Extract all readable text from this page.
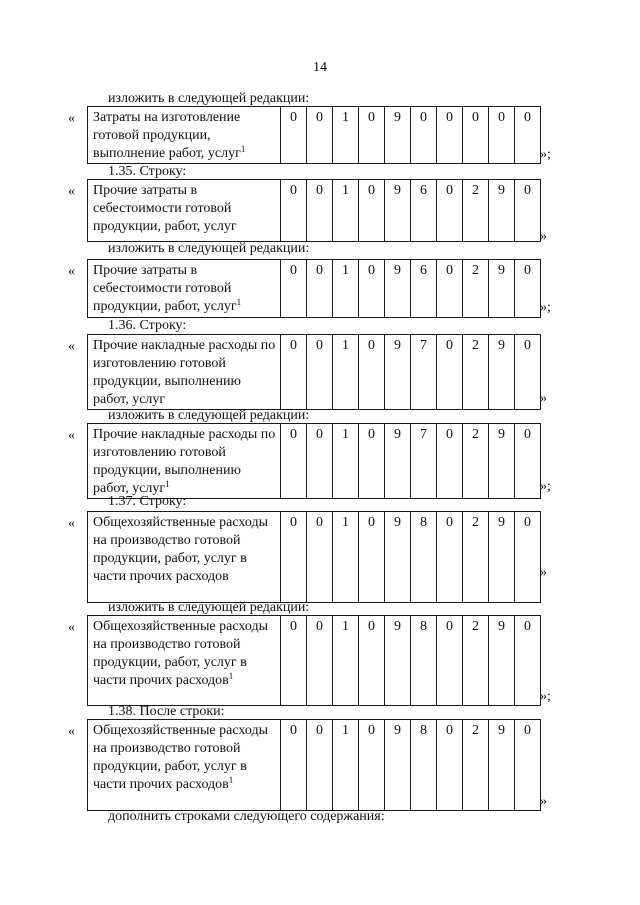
14
изложить в следующей редакции:
« Затраты на изготовление готовой продукции, выполнение работ, услуг$^1$	0	0	1	0	9	0	0	0	0	0
»;
1.35. Строку:
« Прочие затраты в себестоимости готовой продукции, работ, услуг	0	0	1	0	9	6	0	2	9	0
»
изложить в следующей редакции:
« Прочие затраты в себестоимости готовой продукции, работ, услуг$^1$	0	0	1	0	9	6	0	2	9	0
»;
1.36. Строку:
« Прочие накладные расходы по изготовлению готовой продукции, выполнению работ, услуг	0	0	1	0	9	7	0	2	9	0
»
изложить в следующей редакции:
« Прочие накладные расходы по изготовлению готовой продукции, выполнению работ, услуг$^1$	0	0	1	0	9	7	0	2	9	0
»;
1.37. Строку:
« Общехозяйственные расходы на производство готовой продукции, работ, услуг в части прочих расходов	0	0	1	0	9	8	0	2	9	0
»
изложить в следующей редакции:
« Общехозяйственные расходы на производство готовой продукции, работ, услуг в части прочих расходов$^1$	0	0	1	0	9	8	0	2	9	0
»;
1.38. После строки:
« Общехозяйственные расходы на производство готовой продукции, работ, услуг в части прочих расходов$^1$	0	0	1	0	9	8	0	2	9	0
»
дополнить строками следующего содержания:
